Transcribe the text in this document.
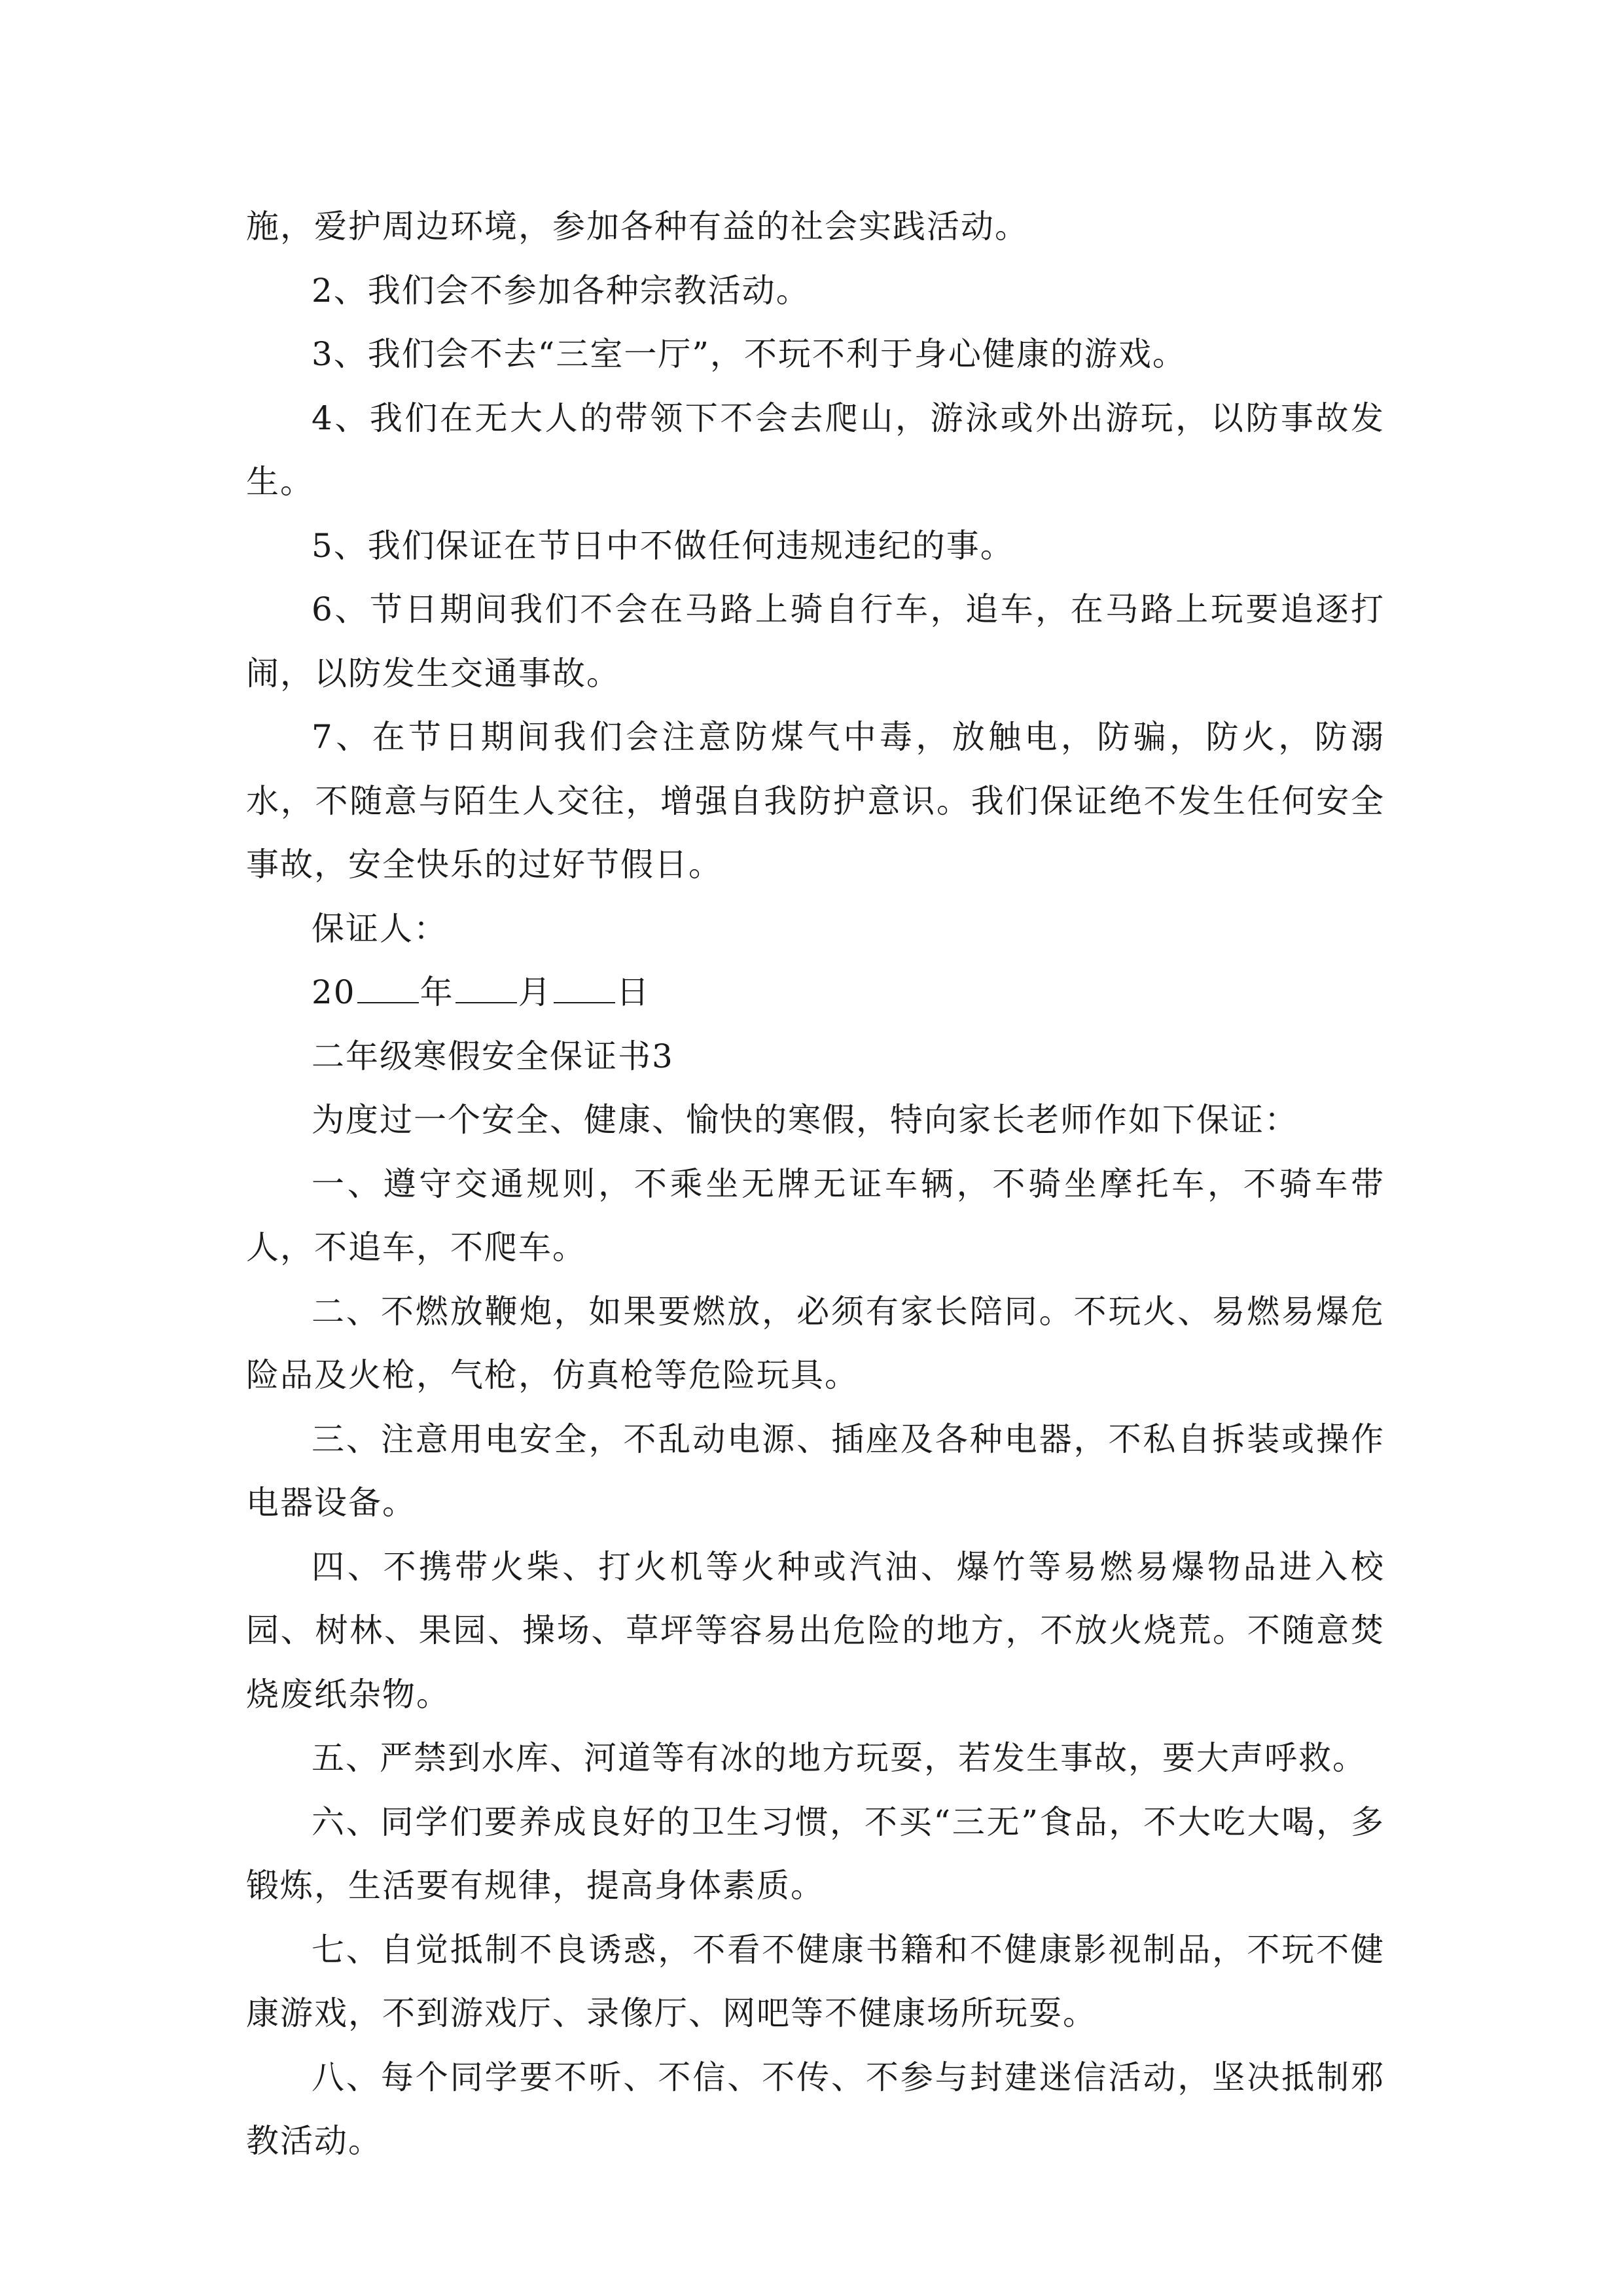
施，爱护周边环境，参加各种有益的社会实践活动。

2、我们会不参加各种宗教活动。

3、我们会不去“三室一厅”，不玩不利于身心健康的游戏。

4、我们在无大人的带领下不会去爬山，游泳或外出游玩，以防事故发生。

5、我们保证在节日中不做任何违规违纪的事。

6、节日期间我们不会在马路上骑自行车，追车，在马路上玩要追逐打闹，以防发生交通事故。

7、在节日期间我们会注意防煤气中毒，放触电，防骗，防火，防溺水，不随意与陌生人交往，增强自我防护意识。我们保证绝不发生任何安全事故，安全快乐的过好节假日。

保证人：

20 年 月 日

二年级寒假安全保证书3

为度过一个安全、健康、愉快的寒假，特向家长老师作如下保证：

一、遵守交通规则，不乘坐无牌无证车辆，不骑坐摩托车，不骑车带人，不追车，不爬车。

二、不燃放鞭炮，如果要燃放，必须有家长陪同。不玩火、易燃易爆危险品及火枪，气枪，仿真枪等危险玩具。

三、注意用电安全，不乱动电源、插座及各种电器，不私自拆装或操作电器设备。

四、不携带火柴、打火机等火种或汽油、爆竹等易燃易爆物品进入校园、树林、果园、操场、草坪等容易出危险的地方，不放火烧荒。不随意焚烧废纸杂物。

五、严禁到水库、河道等有冰的地方玩耍，若发生事故，要大声呼救。

六、同学们要养成良好的卫生习惯，不买“三无”食品，不大吃大喝，多锻炼，生活要有规律，提高身体素质。

七、自觉抵制不良诱惑，不看不健康书籍和不健康影视制品，不玩不健康游戏，不到游戏厅、录像厅、网吧等不健康场所玩耍。

八、每个同学要不听、不信、不传、不参与封建迷信活动，坚决抵制邪教活动。
